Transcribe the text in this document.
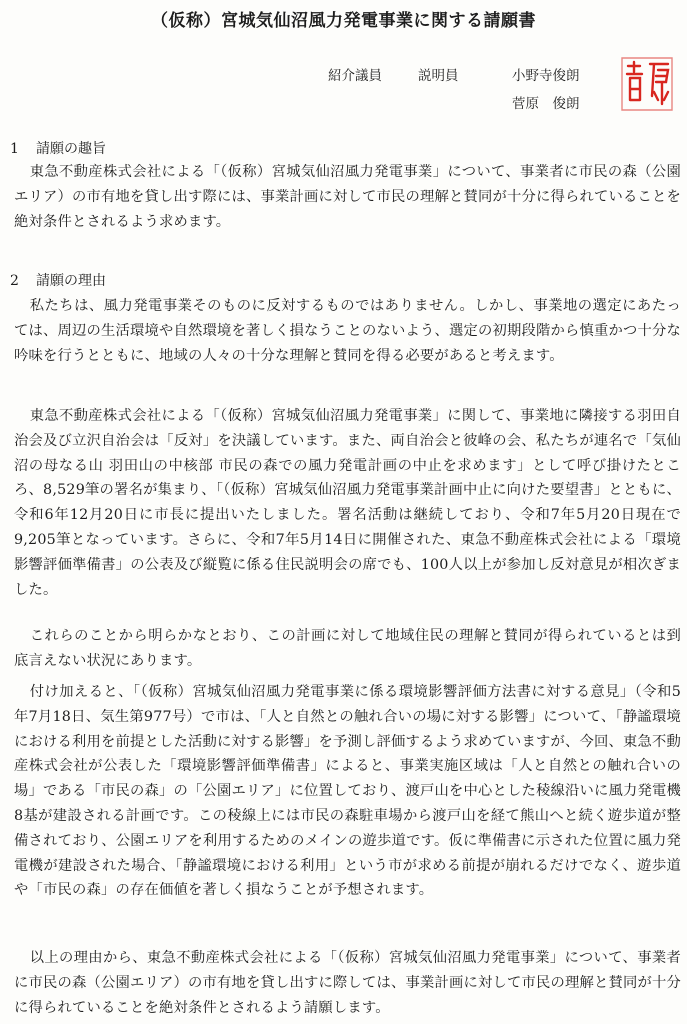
（仮称）宮城気仙沼風力発電事業に関する請願書
紹介議員	説明員	小野寺俊朗
菅原　俊朗
1 請願の趣旨

東急不動産株式会社による「（仮称）宮城気仙沼風力発電事業」について、事業者に市民の森（公園エリア）の市有地を貸し出す際には、事業計画に対して市民の理解と賛同が十分に得られていることを絶対条件とされるよう求めます。

2 請願の理由

私たちは、風力発電事業そのものに反対するものではありません。しかし、事業地の選定にあたっては、周辺の生活環境や自然環境を著しく損なうことのないよう、選定の初期段階から慎重かつ十分な吟味を行うとともに、地域の人々の十分な理解と賛同を得る必要があると考えます。

東急不動産株式会社による「（仮称）宮城気仙沼風力発電事業」に関して、事業地に隣接する羽田自治会及び立沢自治会は「反対」を決議しています。また、両自治会と彼峰の会、私たちが連名で「気仙沼の母なる山 羽田山の中核部 市民の森での風力発電計画の中止を求めます」として呼び掛けたところ、8,529筆の署名が集まり、「（仮称）宮城気仙沼風力発電事業計画中止に向けた要望書」とともに、令和6年12月20日に市長に提出いたしました。署名活動は継続しており、令和7年5月20日現在で9,205筆となっています。さらに、令和7年5月14日に開催された、東急不動産株式会社による「環境影響評価準備書」の公表及び縦覧に係る住民説明会の席でも、100人以上が参加し反対意見が相次ぎました。

これらのことから明らかなとおり、この計画に対して地域住民の理解と賛同が得られているとは到底言えない状況にあります。

付け加えると、「（仮称）宮城気仙沼風力発電事業に係る環境影響評価方法書に対する意見」（令和5年7月18日、気生第977号）で市は、「人と自然との触れ合いの場に対する影響」について、「静謐環境における利用を前提とした活動に対する影響」を予測し評価するよう求めていますが、今回、東急不動産株式会社が公表した「環境影響評価準備書」によると、事業実施区域は「人と自然との触れ合いの場」である「市民の森」の「公園エリア」に位置しており、渡戸山を中心とした稜線沿いに風力発電機8基が建設される計画です。この稜線上には市民の森駐車場から渡戸山を経て熊山へと続く遊歩道が整備されており、公園エリアを利用するためのメインの遊歩道です。仮に準備書に示された位置に風力発電機が建設された場合、「静謐環境における利用」という市が求める前提が崩れるだけでなく、遊歩道や「市民の森」の存在価値を著しく損なうことが予想されます。

以上の理由から、東急不動産株式会社による「（仮称）宮城気仙沼風力発電事業」について、事業者に市民の森（公園エリア）の市有地を貸し出すに際しては、事業計画に対して市民の理解と賛同が十分に得られていることを絶対条件とされるよう請願します。
